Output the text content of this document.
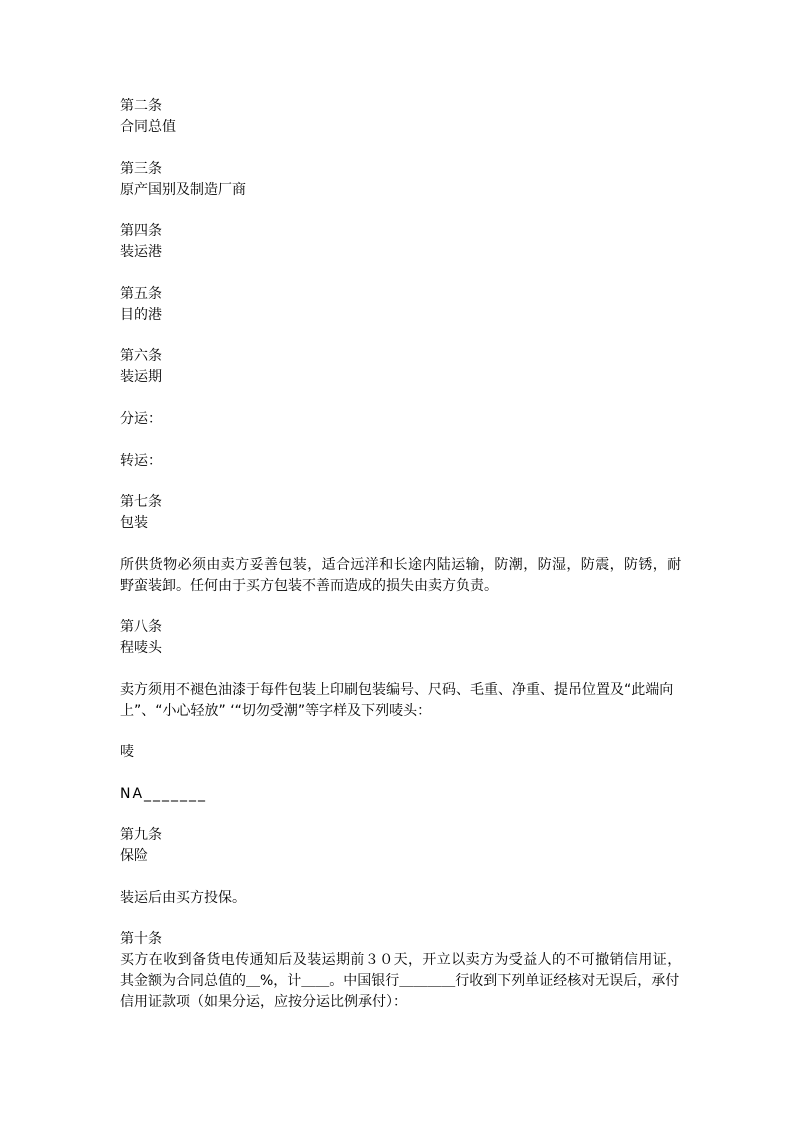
第二条
合同总值
第三条
原产国别及制造厂商
第四条
装运港
第五条
目的港
第六条
装运期
分运：
转运：
第七条
包装
所供货物必须由卖方妥善包装，适合远洋和长途内陆运输，防潮，防湿，防震，防锈，耐
野蛮装卸。任何由于买方包装不善而造成的损失由卖方负责。
第八条
程唛头
卖方须用不褪色油漆于每件包装上印刷包装编号、尺码、毛重、净重、提吊位置及“此端向
上”、“小心轻放” ‘“切勿受潮”等字样及下列唛头：
唛
NA_______
第九条
保险
装运后由买方投保。
第十条
买方在收到备货电传通知后及装运期前３０天，开立以卖方为受益人的不可撤销信用证，
其金额为合同总值的＿%，计＿＿。中国银行＿＿＿＿行收到下列单证经核对无误后，承付
信用证款项（如果分运，应按分运比例承付）：
